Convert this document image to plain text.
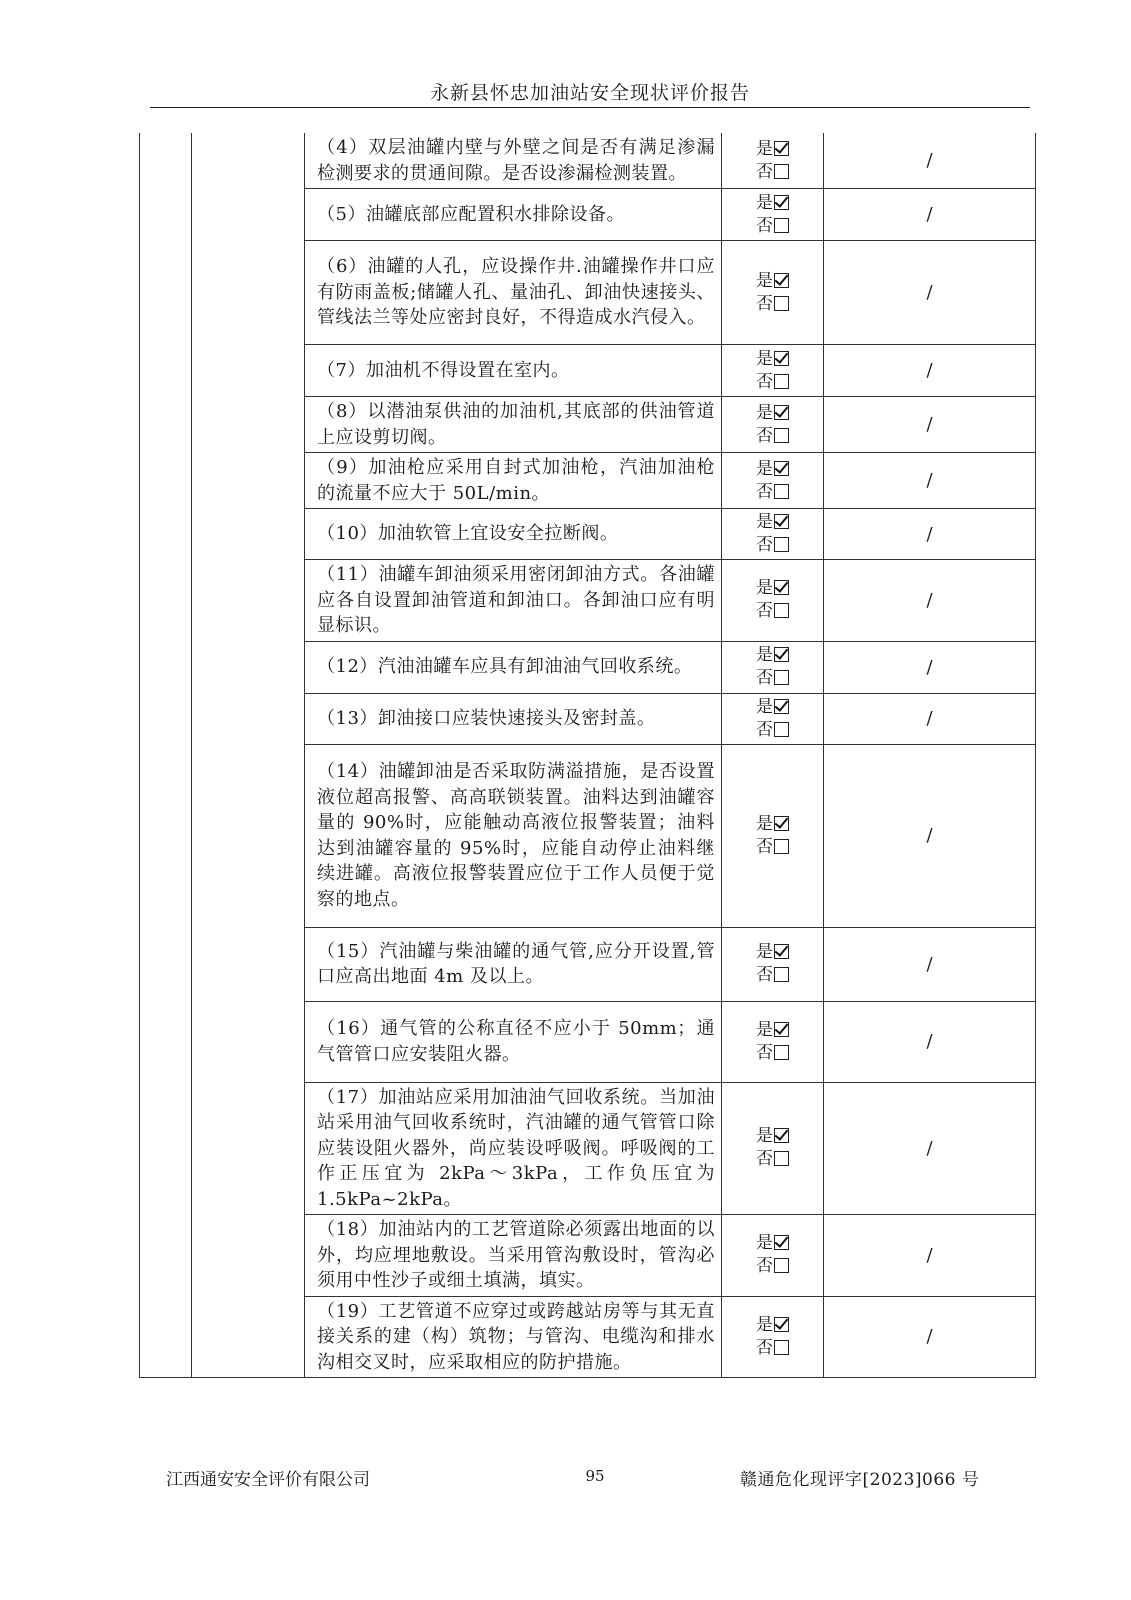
永新县怀忠加油站安全现状评价报告

		（4）双层油罐内壁与外壁之间是否有满足渗漏检测要求的贯通间隙。是否设渗漏检测装置。	是
否	/

		（5）油罐底部应配置积水排除设备。	是
否	/

		（6）油罐的人孔，应设操作井.油罐操作井口应有防雨盖板;储罐人孔、量油孔、卸油快速接头、管线法兰等处应密封良好，不得造成水汽侵入。	是
否	/

		（7）加油机不得设置在室内。	是
否	/

		（8）以潜油泵供油的加油机,其底部的供油管道上应设剪切阀。	是
否	/

		（9）加油枪应采用自封式加油枪，汽油加油枪的流量不应大于 50L/min。	是
否	/

		（10）加油软管上宜设安全拉断阀。	是
否	/

		（11）油罐车卸油须采用密闭卸油方式。各油罐应各自设置卸油管道和卸油口。各卸油口应有明显标识。	是
否	/

		（12）汽油油罐车应具有卸油油气回收系统。	是
否	/

		（13）卸油接口应装快速接头及密封盖。	是
否	/

		（14）油罐卸油是否采取防满溢措施，是否设置液位超高报警、高高联锁装置。油料达到油罐容量的 90%时，应能触动高液位报警装置；油料达到油罐容量的 95%时，应能自动停止油料继续进罐。高液位报警装置应位于工作人员便于觉察的地点。	是
否	/

		（15）汽油罐与柴油罐的通气管,应分开设置,管口应高出地面 4m 及以上。	是
否	/

		（16）通气管的公称直径不应小于 50mm；通气管管口应安装阻火器。	是
否	/

		（17）加油站应采用加油油气回收系统。当加油站采用油气回收系统时，汽油罐的通气管管口除应装设阻火器外，尚应装设呼吸阀。呼吸阀的工作正压宜为 2kPa～3kPa，工作负压宜为 1.5kPa~2kPa。	是
否	/

		（18）加油站内的工艺管道除必须露出地面的以外，均应埋地敷设。当采用管沟敷设时，管沟必须用中性沙子或细土填满，填实。	是
否	/

		（19）工艺管道不应穿过或跨越站房等与其无直接关系的建（构）筑物；与管沟、电缆沟和排水沟相交叉时，应采取相应的防护措施。	是
否	/
江西通安安全评价有限公司	95	赣通危化现评字[2023]066 号
